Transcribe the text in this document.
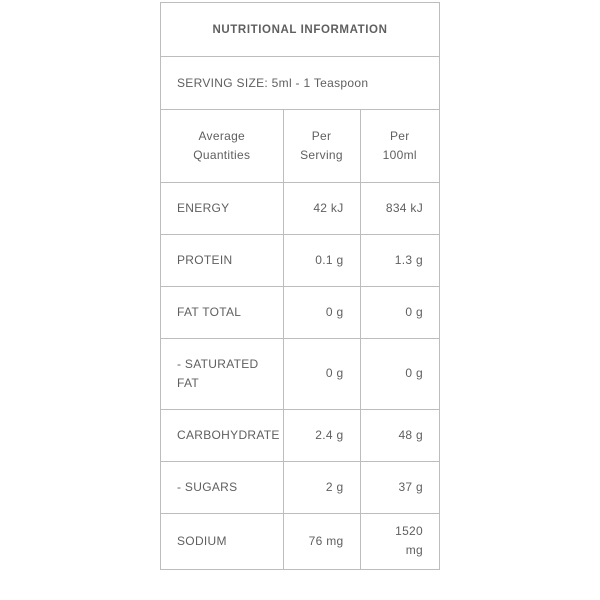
NUTRITIONAL INFORMATION
SERVING SIZE: 5ml - 1 Teaspoon
Average Quantities	Per Serving	Per 100ml
ENERGY	42 kJ	834 kJ
PROTEIN	0.1 g	1.3 g
FAT TOTAL	0 g	0 g
- SATURATED FAT	0 g	0 g
CARBOHYDRATE	2.4 g	48 g
- SUGARS	2 g	37 g
SODIUM	76 mg	1520 mg
